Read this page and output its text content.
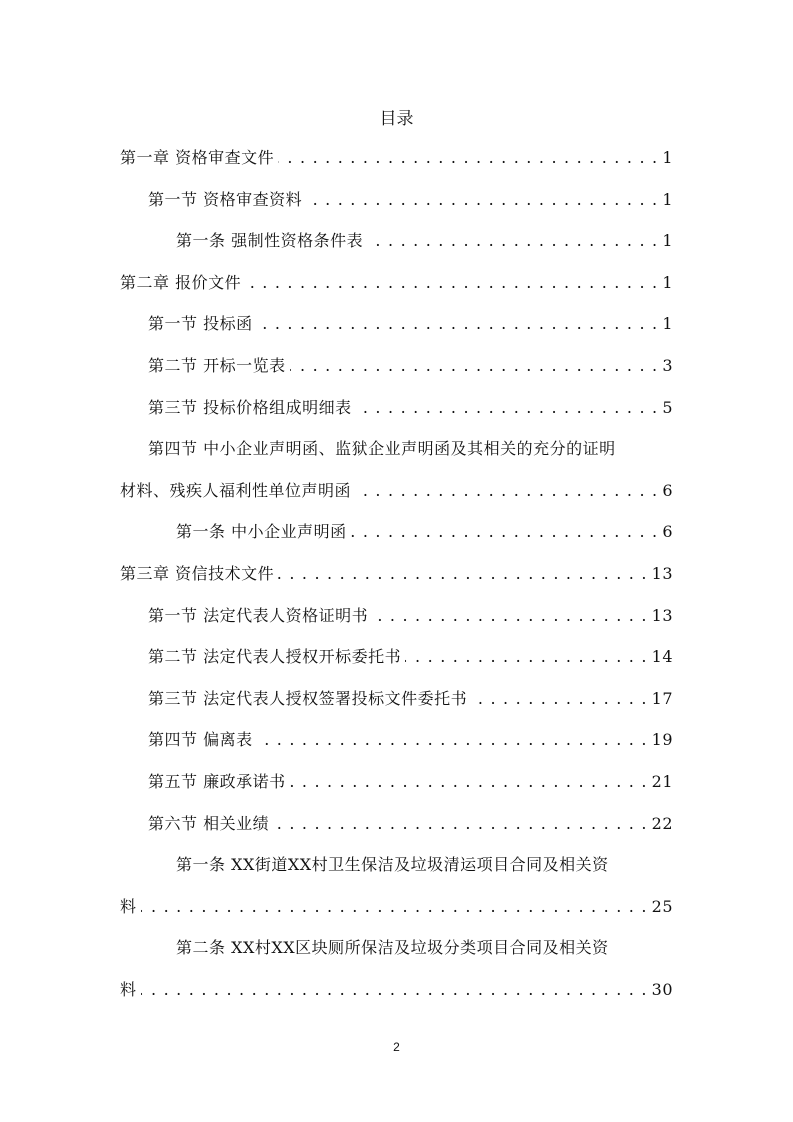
目录
第一章 资格审查文件 . . .	1
第一节 资格审查资料 . . .	1
第一条 强制性资格条件表 . . .	1
第二章 报价文件 . . .	1
第一节 投标函 . . .	1
第二节 开标一览表 . . .	3
第三节 投标价格组成明细表 . . .	5
第四节 中小企业声明函、监狱企业声明函及其相关的充分的证明
材料、残疾人福利性单位声明函 . . .	6
第一条 中小企业声明函 . . .	6
第三章 资信技术文件 . . .	13
第一节 法定代表人资格证明书 . . .	13
第二节 法定代表人授权开标委托书 . . .	14
第三节 法定代表人授权签署投标文件委托书 . . .	17
第四节 偏离表 . . .	19
第五节 廉政承诺书 . . .	21
第六节 相关业绩 . . .	22
第一条 XX街道XX村卫生保洁及垃圾清运项目合同及相关资
料 . . .	25
第二条 XX村XX区块厕所保洁及垃圾分类项目合同及相关资
料 . . .	30
2
